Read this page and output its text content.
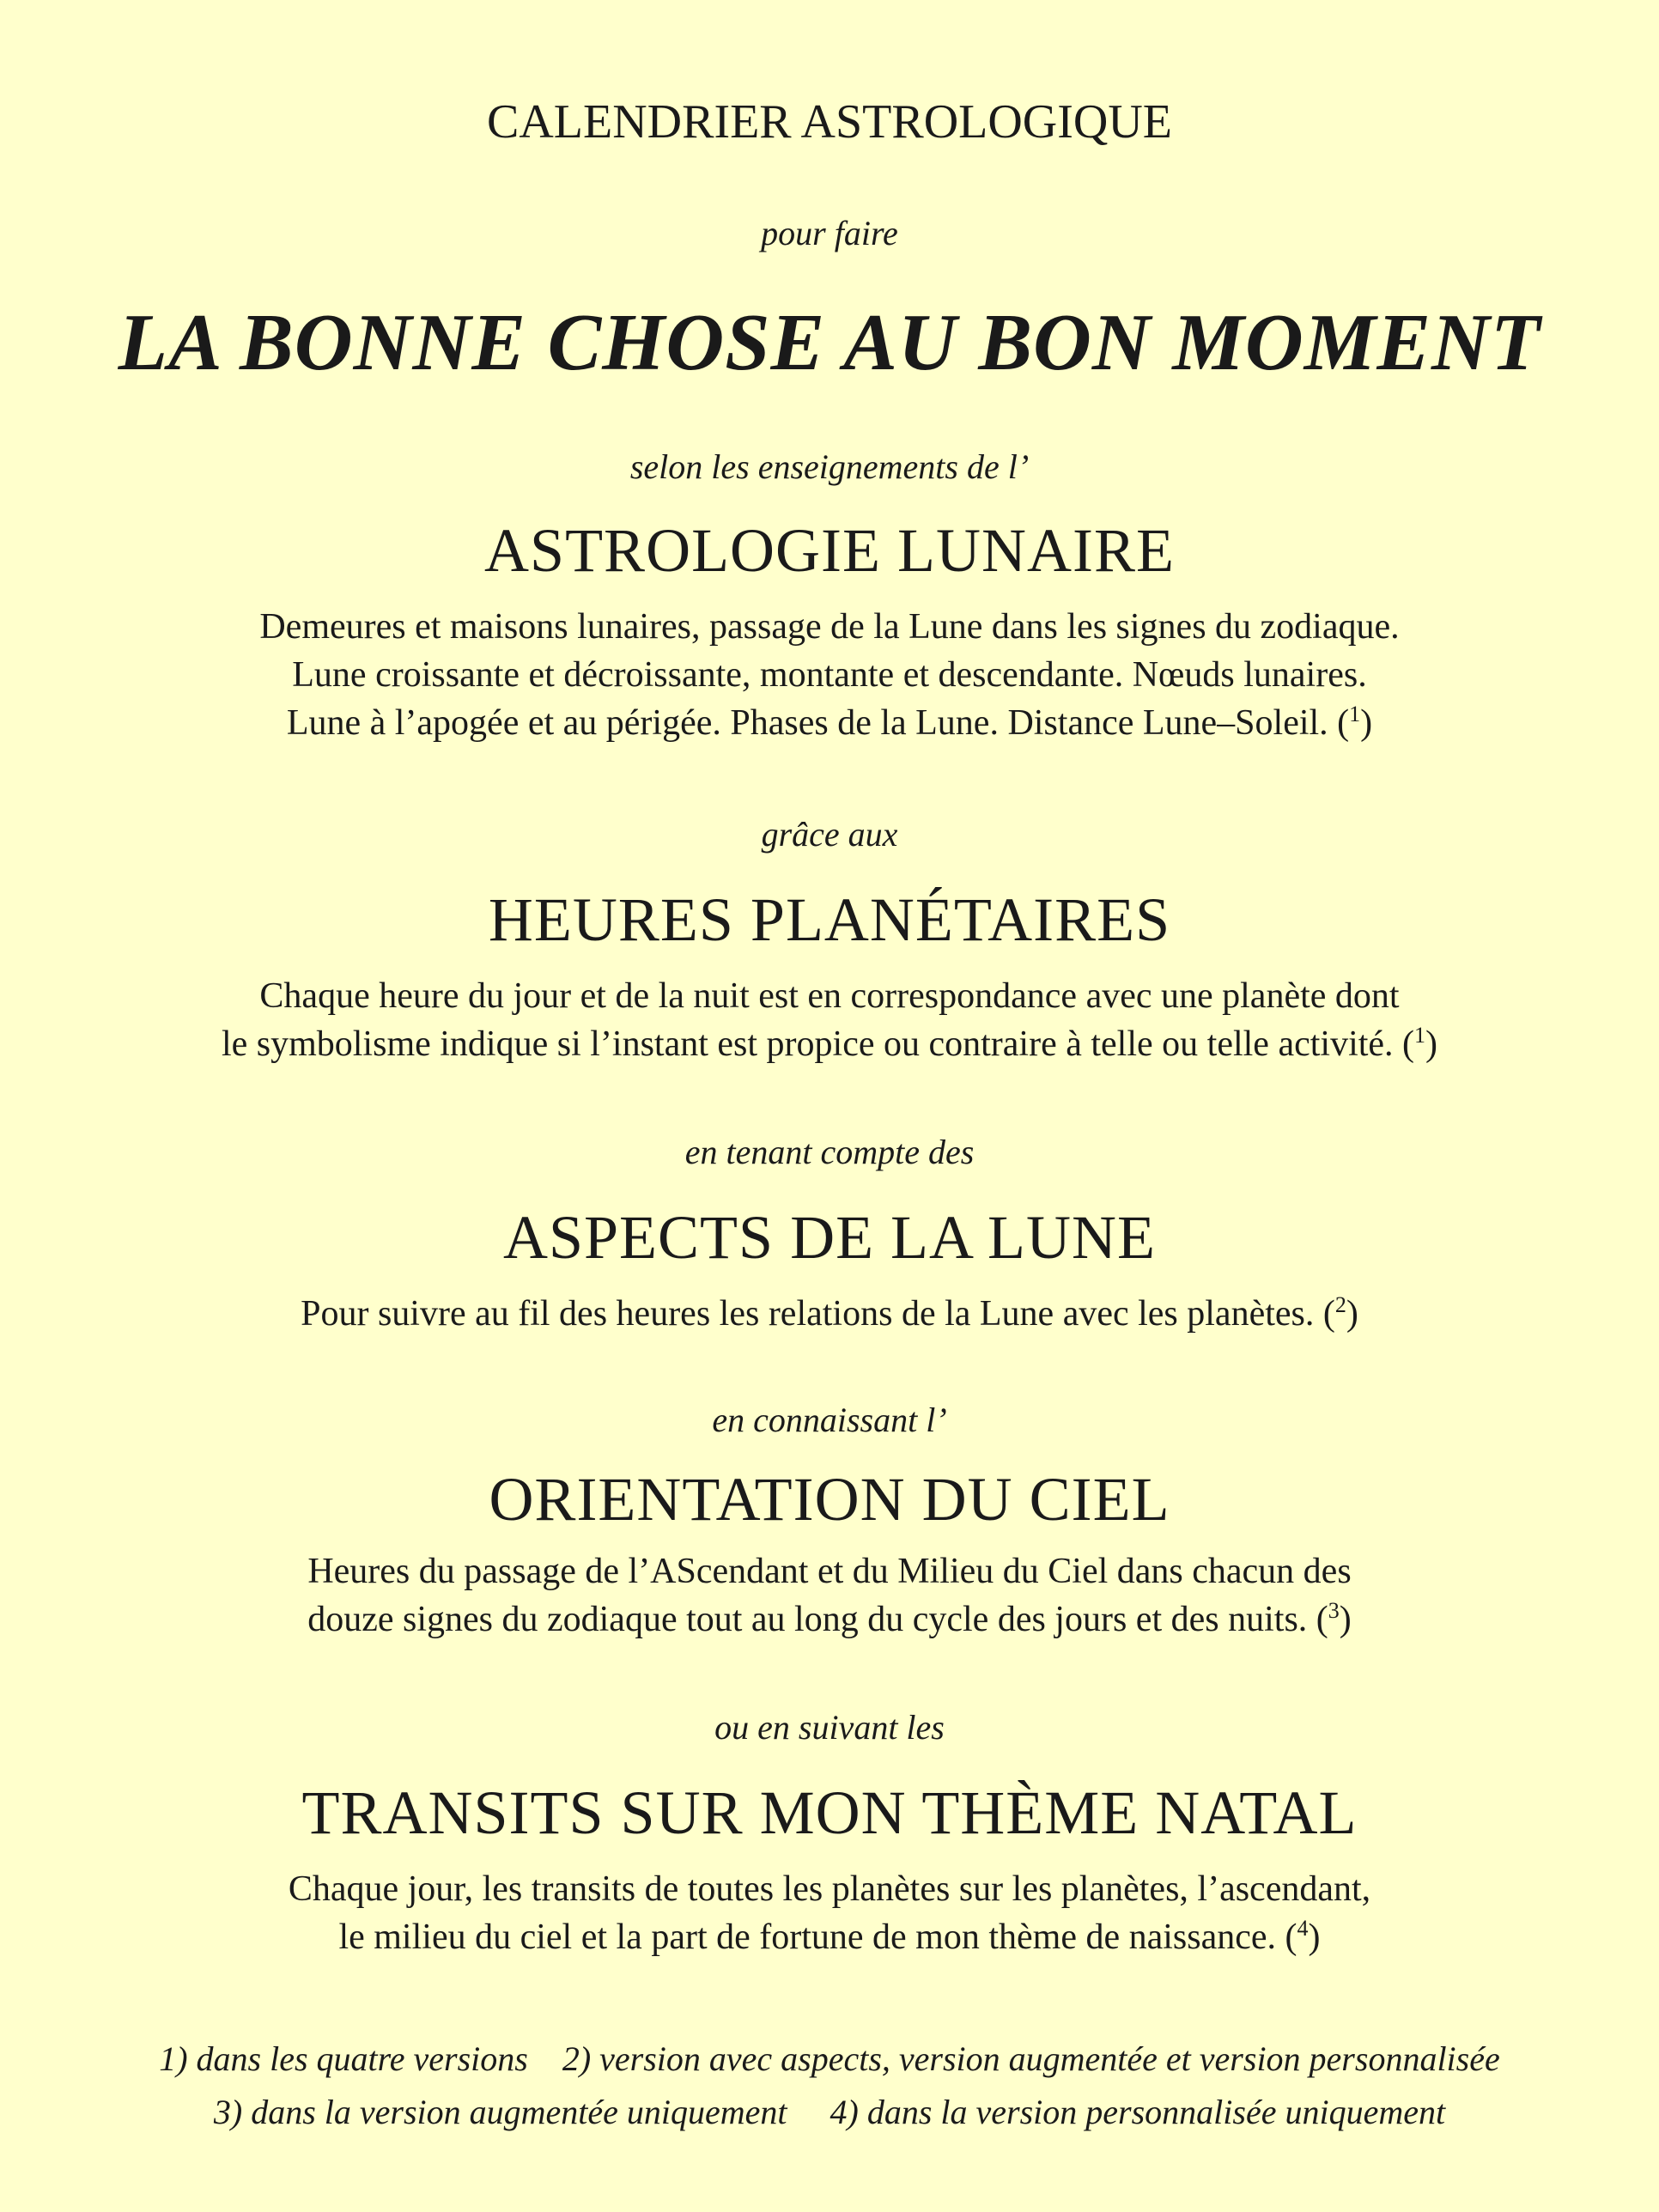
CALENDRIER ASTROLOGIQUE

pour faire

LA BONNE CHOSE AU BON MOMENT

selon les enseignements de l’

ASTROLOGIE LUNAIRE

Demeures et maisons lunaires, passage de la Lune dans les signes du zodiaque.

Lune croissante et décroissante, montante et descendante. Nœuds lunaires.

Lune à l’apogée et au périgée. Phases de la Lune. Distance Lune–Soleil. ($^1$)

grâce aux

HEURES PLANÉTAIRES

Chaque heure du jour et de la nuit est en correspondance avec une planète dont

le symbolisme indique si l’instant est propice ou contraire à telle ou telle activité. ($^1$)

en tenant compte des

ASPECTS DE LA LUNE

Pour suivre au fil des heures les relations de la Lune avec les planètes. ($^2$)

en connaissant l’

ORIENTATION DU CIEL

Heures du passage de l’AScendant et du Milieu du Ciel dans chacun des

douze signes du zodiaque tout au long du cycle des jours et des nuits. ($^3$)

ou en suivant les

TRANSITS SUR MON THÈME NATAL

Chaque jour, les transits de toutes les planètes sur les planètes, l’ascendant,

le milieu du ciel et la part de fortune de mon thème de naissance. ($^4$)

1) dans les quatre versions    2) version avec aspects, version augmentée et version personnalisée

3) dans la version augmentée uniquement     4) dans la version personnalisée uniquement
